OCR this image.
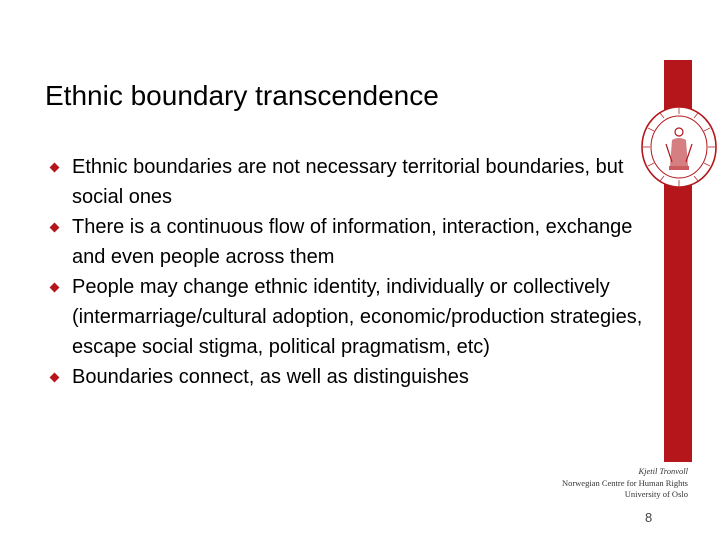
Ethnic boundary transcendence
Ethnic boundaries are not necessary territorial boundaries, but social ones
There is a continuous flow of information, interaction, exchange and even people across them
People may change ethnic identity, individually or collectively (intermarriage/cultural adoption, economic/production strategies, escape social stigma, political pragmatism, etc)
Boundaries connect, as well as distinguishes
Kjetil Tronvoll
Norwegian Centre for Human Rights
University of Oslo
8
